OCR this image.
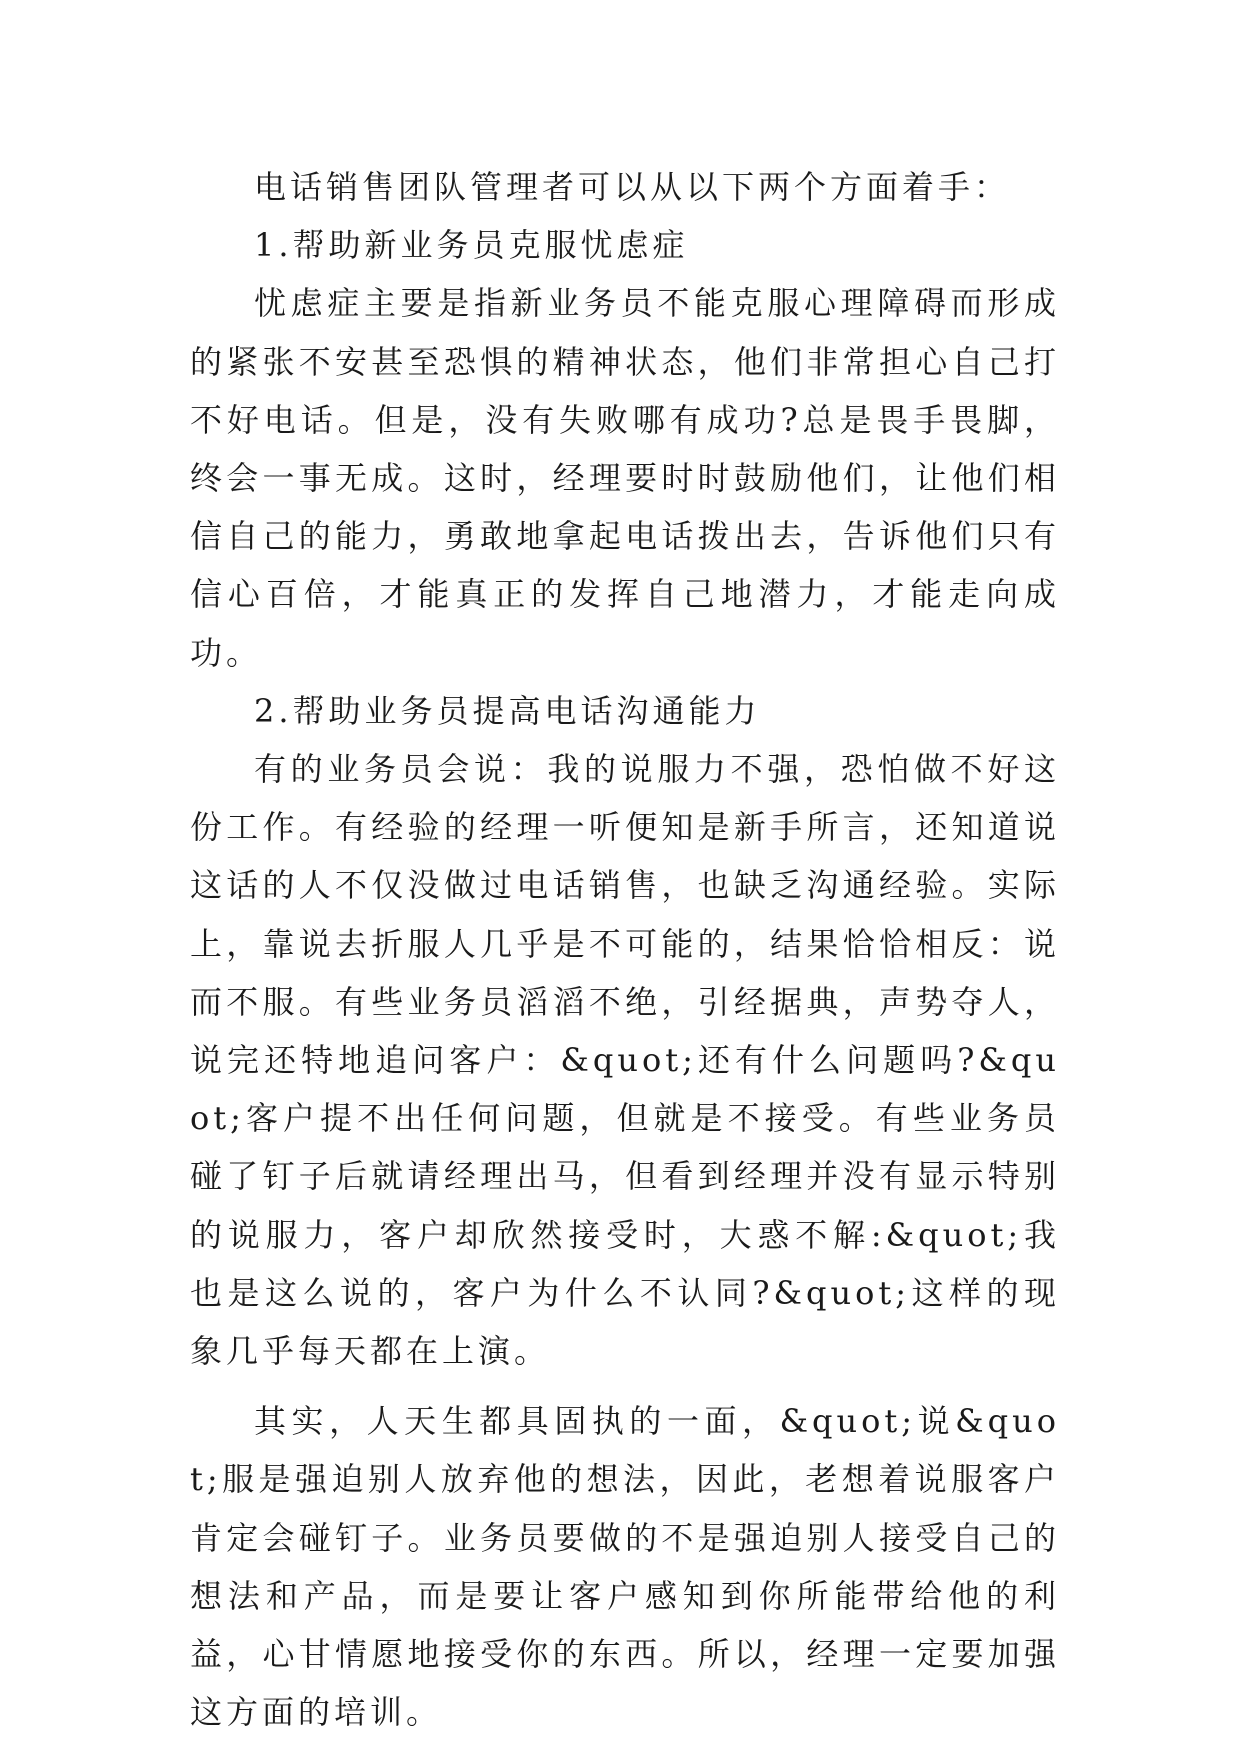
电话销售团队管理者可以从以下两个方面着手：

1.帮助新业务员克服忧虑症

忧虑症主要是指新业务员不能克服心理障碍而形成的紧张不安甚至恐惧的精神状态，他们非常担心自己打不好电话。但是，没有失败哪有成功?总是畏手畏脚，终会一事无成。这时，经理要时时鼓励他们，让他们相信自己的能力，勇敢地拿起电话拨出去，告诉他们只有信心百倍，才能真正的发挥自己地潜力，才能走向成功。

2.帮助业务员提高电话沟通能力

有的业务员会说：我的说服力不强，恐怕做不好这份工作。有经验的经理一听便知是新手所言，还知道说这话的人不仅没做过电话销售，也缺乏沟通经验。实际上，靠说去折服人几乎是不可能的，结果恰恰相反：说而不服。有些业务员滔滔不绝，引经据典，声势夺人，说完还特地追问客户：&quot;还有什么问题吗?&quot;客户提不出任何问题，但就是不接受。有些业务员碰了钉子后就请经理出马，但看到经理并没有显示特别的说服力，客户却欣然接受时，大惑不解:&quot;我也是这么说的，客户为什么不认同?&quot;这样的现象几乎每天都在上演。

其实，人天生都具固执的一面，&quot;说&quot;服是强迫别人放弃他的想法，因此，老想着说服客户肯定会碰钉子。业务员要做的不是强迫别人接受自己的想法和产品，而是要让客户感知到你所能带给他的利益，心甘情愿地接受你的东西。所以，经理一定要加强这方面的培训。
